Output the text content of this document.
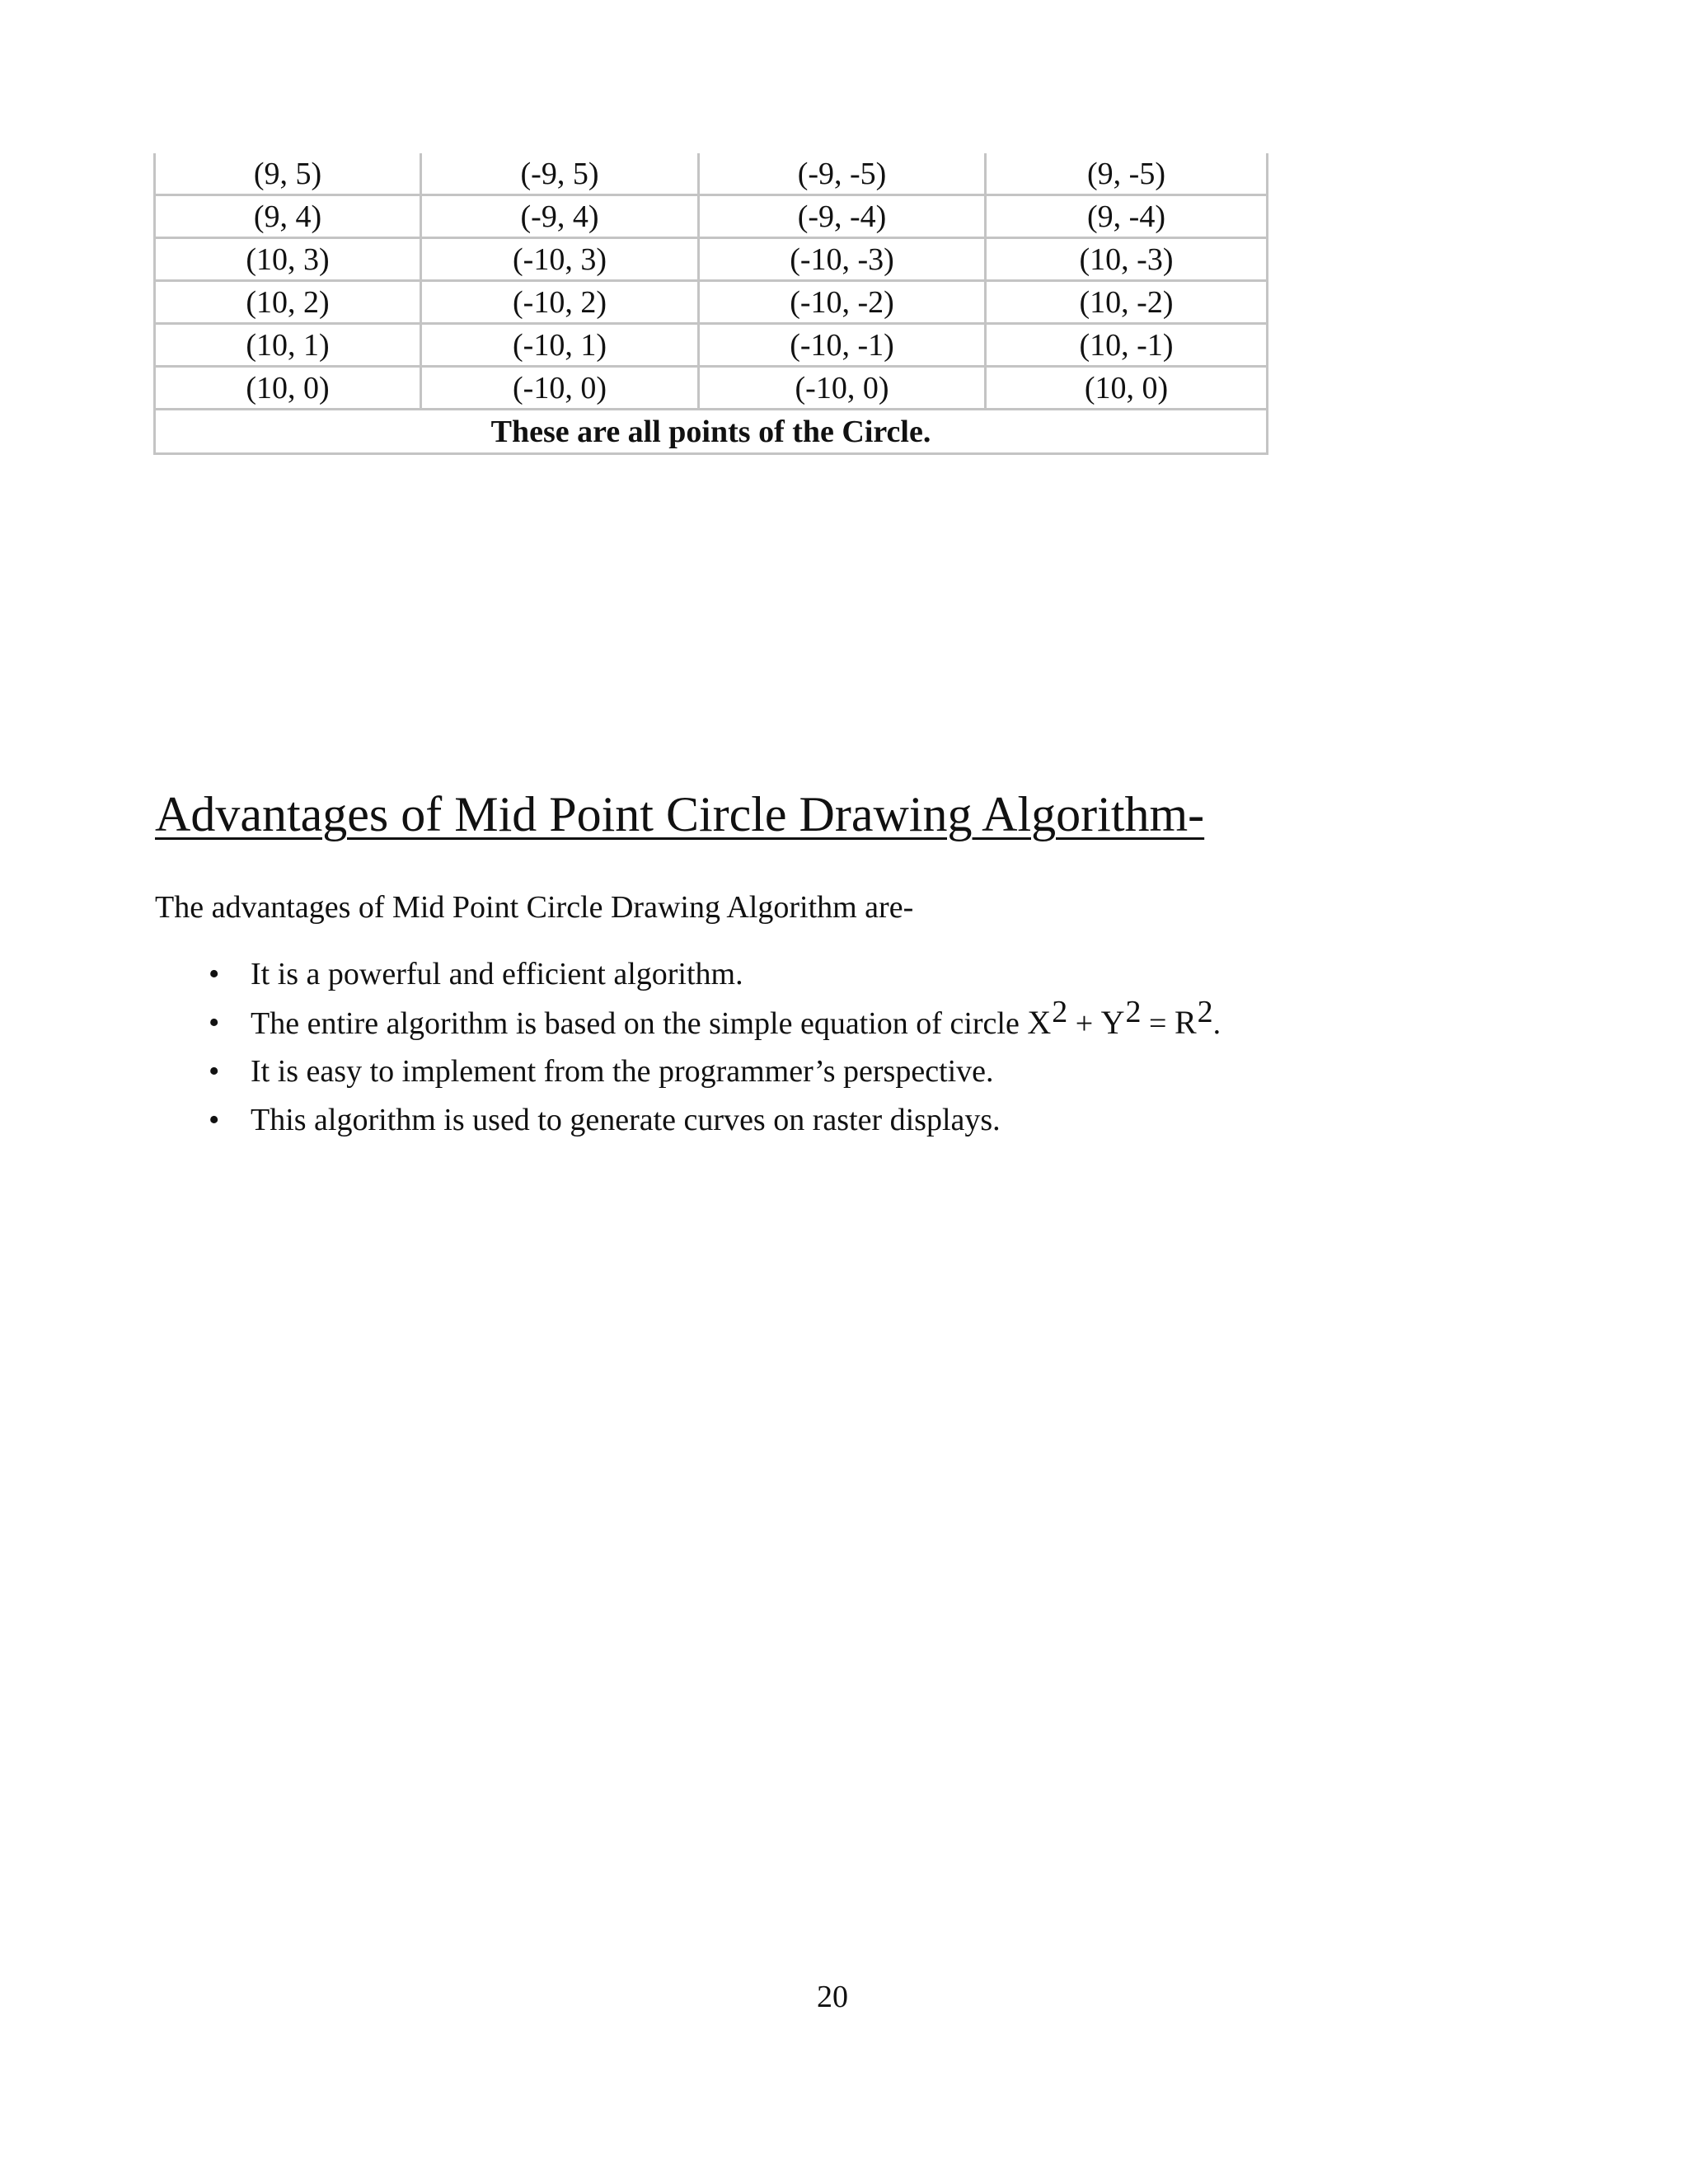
(9, 5)	(-9, 5)	(-9, -5)	(9, -5)
(9, 4)	(-9, 4)	(-9, -4)	(9, -4)
(10, 3)	(-10, 3)	(-10, -3)	(10, -3)
(10, 2)	(-10, 2)	(-10, -2)	(10, -2)
(10, 1)	(-10, 1)	(-10, -1)	(10, -1)
(10, 0)	(-10, 0)	(-10, 0)	(10, 0)
These are all points of the Circle.			
Advantages of Mid Point Circle Drawing Algorithm-

The advantages of Mid Point Circle Drawing Algorithm are-

• It is a powerful and efficient algorithm.
• The entire algorithm is based on the simple equation of circle X2 + Y2 = R2.
• It is easy to implement from the programmer’s perspective.
• This algorithm is used to generate curves on raster displays.
20
